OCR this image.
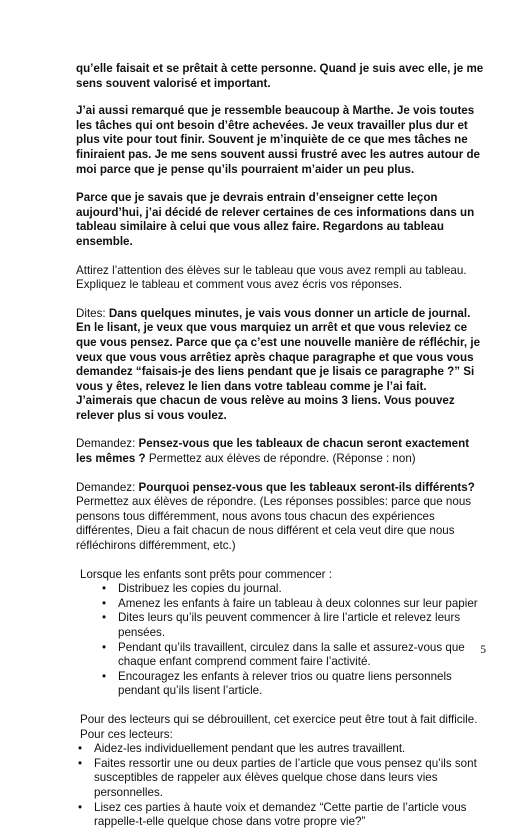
qu’elle faisait et se prêtait à cette personne. Quand je suis avec elle, je me sens souvent valorisé et important.

J’ai aussi remarqué que je ressemble beaucoup à Marthe. Je vois toutes les tâches qui ont besoin d’être achevées. Je veux travailler plus dur et plus vite pour tout finir. Souvent je m’inquiète de ce que mes tâches ne finiraient pas. Je me sens souvent aussi frustré avec les autres autour de moi parce que je pense qu’ils pourraient m’aider un peu plus.

Parce que je savais que je devrais entrain d’enseigner cette leçon aujourd’hui, j’ai décidé de relever certaines de ces informations dans un tableau similaire à celui que vous allez faire. Regardons au tableau ensemble.

Attirez l’attention des élèves sur le tableau que vous avez rempli au tableau. Expliquez le tableau et comment vous avez écris vos réponses.

Dites: Dans quelques minutes, je vais vous donner un article de journal. En le lisant, je veux que vous marquiez un arrêt et que vous releviez ce que vous pensez. Parce que ça c’est une nouvelle manière de réfléchir, je veux que vous vous arrêtiez après chaque paragraphe et que vous vous demandez “faisais-je des liens pendant que je lisais ce paragraphe ?” Si vous y êtes, relevez le lien dans votre tableau comme je l’ai fait. J’aimerais que chacun de vous relève au moins 3 liens. Vous pouvez relever plus si vous voulez.

Demandez: Pensez-vous que les tableaux de chacun seront exactement les mêmes ? Permettez aux élèves de répondre. (Réponse : non)

Demandez: Pourquoi pensez-vous que les tableaux seront-ils différents? Permettez aux élèves de répondre. (Les réponses possibles: parce que nous pensons tous différemment, nous avons tous chacun des expériences différentes, Dieu a fait chacun de nous différent et cela veut dire que nous réfléchirons différemment, etc.)

Lorsque les enfants sont prêts pour commencer :
• Distribuez les copies du journal.
• Amenez les enfants à faire un tableau à deux colonnes sur leur papier
• Dites leurs qu’ils peuvent commencer à lire l’article et relevez leurs pensées.
• Pendant qu’ils travaillent, circulez dans la salle et assurez-vous que chaque enfant comprend comment faire l’activité.
• Encouragez les enfants à relever trios ou quatre liens personnels pendant qu’ils lisent l’article.
Pour des lecteurs qui se débrouillent, cet exercice peut être tout à fait difficile. Pour ces lecteurs:
• Aidez-les individuellement pendant que les autres travaillent.
• Faites ressortir une ou deux parties de l’article que vous pensez qu’ils sont susceptibles de rappeler aux élèves quelque chose dans leurs vies personnelles.
• Lisez ces parties à haute voix et demandez “Cette partie de l’article vous rappelle-t-elle quelque chose dans votre propre vie?”
5
